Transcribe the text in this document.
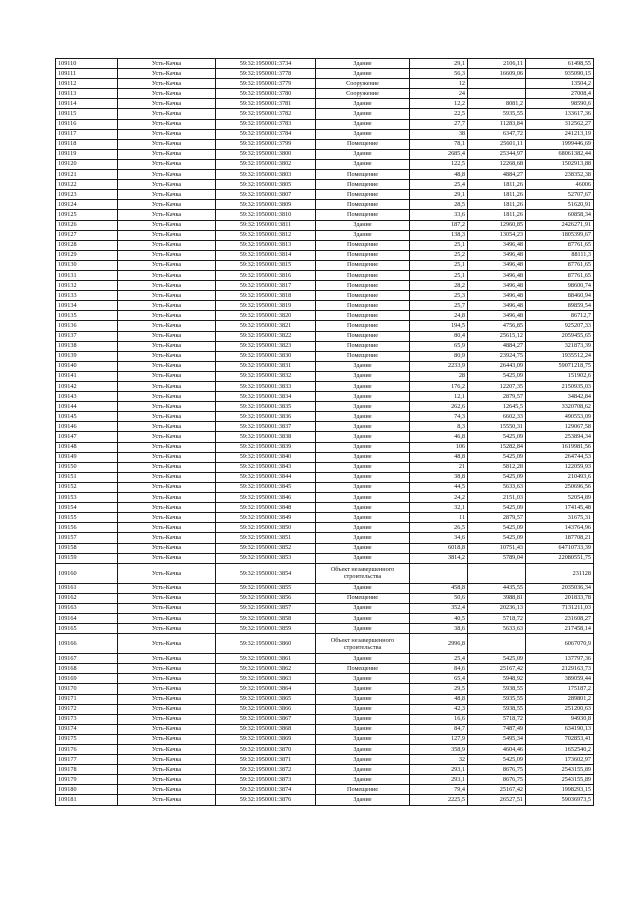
109110	Усть-Качка	59:32:1950001:3734	Здание	29,1	2106,11	61498,55
109111	Усть-Качка	59:32:1950001:3778	Здание	56,3	16609,06	935090,15
109112	Усть-Качка	59:32:1950001:3779	Сооружение	12		13504,2
109113	Усть-Качка	59:32:1950001:3780	Сооружение	24		27008,4
109114	Усть-Качка	59:32:1950001:3781	Здание	12,2	8081,2	98590,6
109115	Усть-Качка	59:32:1950001:3782	Здание	22,5	5935,55	133617,36
109116	Усть-Качка	59:32:1950001:3783	Здание	27,7	11283,84	312562,27
109117	Усть-Качка	59:32:1950001:3784	Здание	38	6347,72	241213,19
109118	Усть-Качка	59:32:1950001:3799	Помещение	78,1	25601,11	1999446,69
109119	Усть-Качка	59:32:1950001:3800	Здание	2685,4	25344,97	68061382,44
109120	Усть-Качка	59:32:1950001:3802	Здание	122,5	12268,68	1502913,88
109121	Усть-Качка	59:32:1950001:3803	Помещение	48,8	4884,27	238352,38
109122	Усть-Качка	59:32:1950001:3805	Помещение	25,4	1811,26	46006
109123	Усть-Качка	59:32:1950001:3807	Помещение	29,1	1811,26	52707,67
109124	Усть-Качка	59:32:1950001:3809	Помещение	28,5	1811,26	51620,91
109125	Усть-Качка	59:32:1950001:3810	Помещение	33,6	1811,26	60858,34
109126	Усть-Качка	59:32:1950001:3811	Здание	187,2	12960,85	2426271,91
109127	Усть-Качка	59:32:1950001:3812	Здание	138,3	13054,23	1805399,67
109128	Усть-Качка	59:32:1950001:3813	Помещение	25,1	3496,48	87761,65
109129	Усть-Качка	59:32:1950001:3814	Помещение	25,2	3496,48	88111,3
109130	Усть-Качка	59:32:1950001:3815	Помещение	25,1	3496,48	87761,65
109131	Усть-Качка	59:32:1950001:3816	Помещение	25,1	3496,48	87761,65
109132	Усть-Качка	59:32:1950001:3817	Помещение	28,2	3496,48	98600,74
109133	Усть-Качка	59:32:1950001:3818	Помещение	25,3	3496,48	88460,94
109134	Усть-Качка	59:32:1950001:3819	Помещение	25,7	3496,48	89859,54
109135	Усть-Качка	59:32:1950001:3820	Помещение	24,8	3496,48	86712,7
109136	Усть-Качка	59:32:1950001:3821	Помещение	194,5	4756,85	925207,33
109137	Усть-Качка	59:32:1950001:3822	Помещение	80,4	25615,12	2059455,65
109138	Усть-Качка	59:32:1950001:3823	Помещение	65,9	4884,27	321873,39
109139	Усть-Качка	59:32:1950001:3830	Помещение	80,9	23924,75	1935512,24
109140	Усть-Качка	59:32:1950001:3831	Здание	2233,9	26443,09	59071218,75
109141	Усть-Качка	59:32:1950001:3832	Здание	28	5425,09	151902,6
109142	Усть-Качка	59:32:1950001:3833	Здание	176,2	12207,35	2150935,03
109143	Усть-Качка	59:32:1950001:3834	Здание	12,1	2879,57	34842,84
109144	Усть-Качка	59:32:1950001:3835	Здание	262,6	12645,5	3320708,62
109145	Усть-Качка	59:32:1950001:3836	Здание	74,3	6602,33	490553,09
109146	Усть-Качка	59:32:1950001:3837	Здание	8,3	15550,31	129067,58
109147	Усть-Качка	59:32:1950001:3838	Здание	46,8	5425,09	253894,34
109148	Усть-Качка	59:32:1950001:3839	Здание	106	15282,84	1619981,56
109149	Усть-Качка	59:32:1950001:3840	Здание	48,8	5425,09	264744,53
109150	Усть-Качка	59:32:1950001:3843	Здание	21	5812,28	122059,93
109151	Усть-Качка	59:32:1950001:3844	Здание	38,8	5425,09	210493,6
109152	Усть-Качка	59:32:1950001:3845	Здание	44,5	5633,63	250696,56
109153	Усть-Качка	59:32:1950001:3846	Здание	24,2	2151,03	52054,89
109154	Усть-Качка	59:32:1950001:3848	Здание	32,1	5425,09	174145,48
109155	Усть-Качка	59:32:1950001:3849	Здание	11	2879,57	31675,31
109156	Усть-Качка	59:32:1950001:3850	Здание	26,5	5425,09	143764,96
109157	Усть-Качка	59:32:1950001:3851	Здание	34,6	5425,09	187708,21
109158	Усть-Качка	59:32:1950001:3852	Здание	6018,8	10751,43	64710733,39
109159	Усть-Качка	59:32:1950001:3853	Здание	3814,2	5789,04	22080551,75
109160	Усть-Качка	59:32:1950001:3854	Объект незавершенного строительства			231128
109161	Усть-Качка	59:32:1950001:3855	Здание	458,8	4435,55	2035036,34
109162	Усть-Качка	59:32:1950001:3856	Помещение	50,6	3988,81	201833,78
109163	Усть-Качка	59:32:1950001:3857	Здание	352,4	20236,13	7131211,03
109164	Усть-Качка	59:32:1950001:3858	Здание	40,5	5718,72	231608,27
109165	Усть-Качка	59:32:1950001:3859	Здание	38,6	5633,63	217458,14
109166	Усть-Качка	59:32:1950001:3860	Объект незавершенного строительства	2996,8		6067070,9
109167	Усть-Качка	59:32:1950001:3861	Здание	25,4	5425,09	137797,36
109168	Усть-Качка	59:32:1950001:3862	Помещение	84,6	25167,42	2129163,73
109169	Усть-Качка	59:32:1950001:3863	Здание	65,4	5948,92	389059,44
109170	Усть-Качка	59:32:1950001:3864	Здание	29,5	5938,55	175187,2
109171	Усть-Качка	59:32:1950001:3865	Здание	48,8	5935,55	289801,2
109172	Усть-Качка	59:32:1950001:3866	Здание	42,3	5938,55	251200,63
109173	Усть-Качка	59:32:1950001:3867	Здание	16,6	5718,72	94930,8
109174	Усть-Качка	59:32:1950001:3868	Здание	84,7	7487,49	634190,13
109175	Усть-Качка	59:32:1950001:3869	Здание	127,9	5495,34	702853,41
109176	Усть-Качка	59:32:1950001:3870	Здание	358,9	4604,46	1652540,2
109177	Усть-Качка	59:32:1950001:3871	Здание	32	5425,09	173602,97
109178	Усть-Качка	59:32:1950001:3872	Здание	293,1	8676,75	2543155,89
109179	Усть-Качка	59:32:1950001:3873	Здание	293,1	8676,75	2543155,89
109180	Усть-Качка	59:32:1950001:3874	Помещение	79,4	25167,42	1998293,15
109181	Усть-Качка	59:32:1950001:3876	Здание	2225,5	26527,51	59036973,5
